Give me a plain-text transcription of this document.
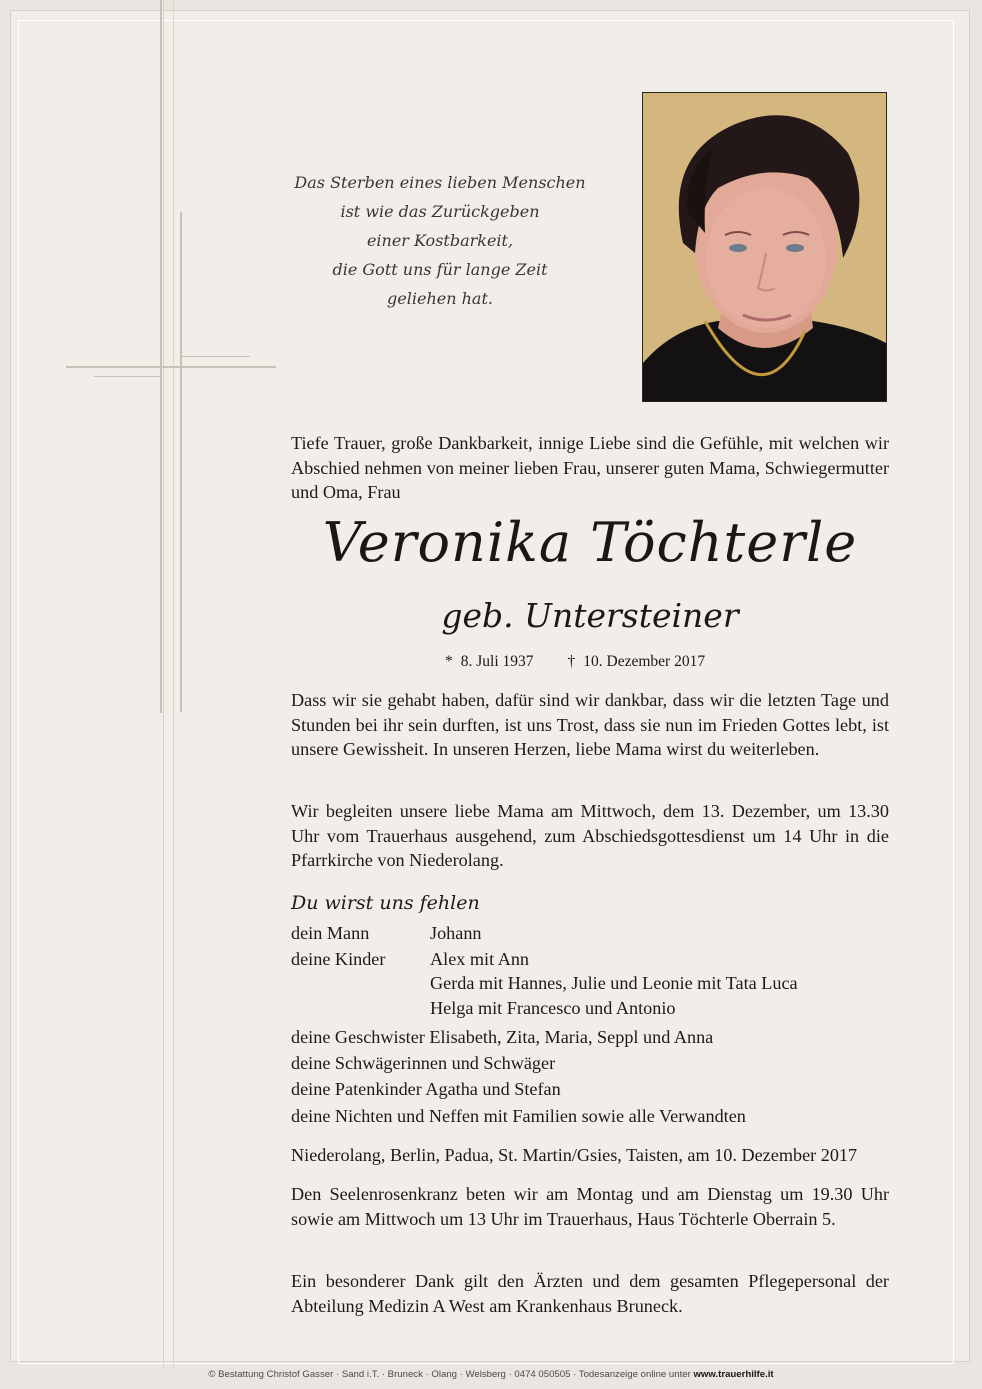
Das Sterben eines lieben Menschen
ist wie das Zurückgeben
einer Kostbarkeit,
die Gott uns für lange Zeit
geliehen hat.
Tiefe Trauer, große Dankbarkeit, innige Liebe sind die Gefühle, mit welchen wir Abschied nehmen von meiner lieben Frau, unserer guten Mama, Schwiegermutter und Oma, Frau
Veronika Töchterle
geb. Untersteiner
* 8. Juli 1937 † 10. Dezember 2017
Dass wir sie gehabt haben, dafür sind wir dankbar, dass wir die letzten Tage und Stunden bei ihr sein durften, ist uns Trost, dass sie nun im Frieden Gottes lebt, ist unsere Gewissheit. In unseren Herzen, liebe Mama wirst du weiterleben.
Wir begleiten unsere liebe Mama am Mittwoch, dem 13. Dezember, um 13.30 Uhr vom Trauerhaus ausgehend, zum Abschiedsgottesdienst um 14 Uhr in die Pfarrkirche von Niederolang.
Du wirst uns fehlen
dein Mann	Johann
deine Kinder Alex mit Ann
Gerda mit Hannes, Julie und Leonie mit Tata Luca
Helga mit Francesco und Antonio
deine Geschwister Elisabeth, Zita, Maria, Seppl und Anna
deine Schwägerinnen und Schwäger
deine Patenkinder Agatha und Stefan
deine Nichten und Neffen mit Familien sowie alle Verwandten
Niederolang, Berlin, Padua, St. Martin/Gsies, Taisten, am 10. Dezember 2017
Den Seelenrosenkranz beten wir am Montag und am Dienstag um 19.30 Uhr sowie am Mittwoch um 13 Uhr im Trauerhaus, Haus Töchterle Oberrain 5.
Ein besonderer Dank gilt den Ärzten und dem gesamten Pflegepersonal der Abteilung Medizin A West am Krankenhaus Bruneck.
© Bestattung Christof Gasser · Sand i.T. · Bruneck · Olang · Welsberg · 0474 050505 · Todesanzeige online unter www.trauerhilfe.it
